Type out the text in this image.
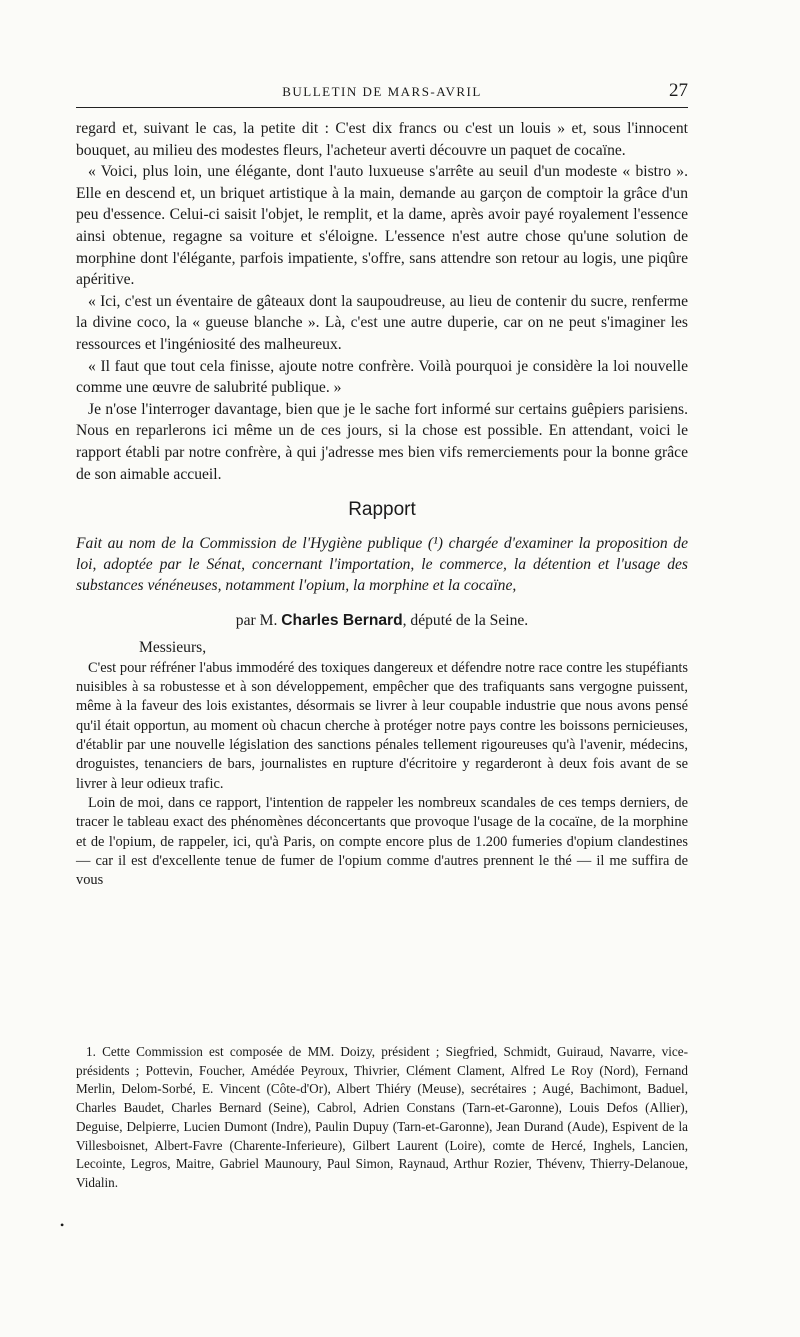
BULLETIN DE MARS-AVRIL	27

regard et, suivant le cas, la petite dit : C'est dix francs ou c'est un louis » et, sous l'innocent bouquet, au milieu des modestes fleurs, l'acheteur averti découvre un paquet de cocaïne.

« Voici, plus loin, une élégante, dont l'auto luxueuse s'arrête au seuil d'un modeste « bistro ». Elle en descend et, un briquet artistique à la main, demande au garçon de comptoir la grâce d'un peu d'essence. Celui-ci saisit l'objet, le remplit, et la dame, après avoir payé royalement l'essence ainsi obtenue, regagne sa voiture et s'éloigne. L'essence n'est autre chose qu'une solution de morphine dont l'élégante, parfois impatiente, s'offre, sans attendre son retour au logis, une piqûre apéritive.

« Ici, c'est un éventaire de gâteaux dont la saupoudreuse, au lieu de contenir du sucre, renferme la divine coco, la « gueuse blanche ». Là, c'est une autre duperie, car on ne peut s'imaginer les ressources et l'ingéniosité des malheureux.

« Il faut que tout cela finisse, ajoute notre confrère. Voilà pourquoi je considère la loi nouvelle comme une œuvre de salubrité publique. »

Je n'ose l'interroger davantage, bien que je le sache fort informé sur certains guêpiers parisiens. Nous en reparlerons ici même un de ces jours, si la chose est possible. En attendant, voici le rapport établi par notre confrère, à qui j'adresse mes bien vifs remerciements pour la bonne grâce de son aimable accueil.

Rapport

Fait au nom de la Commission de l'Hygiène publique (¹) chargée d'examiner la proposition de loi, adoptée par le Sénat, concernant l'importation, le commerce, la détention et l'usage des substances vénéneuses, notamment l'opium, la morphine et la cocaïne,

par M. Charles Bernard, député de la Seine.

Messieurs,

C'est pour réfréner l'abus immodéré des toxiques dangereux et défendre notre race contre les stupéfiants nuisibles à sa robustesse et à son développement, empêcher que des trafiquants sans vergogne puissent, même à la faveur des lois existantes, désormais se livrer à leur coupable industrie que nous avons pensé qu'il était opportun, au moment où chacun cherche à protéger notre pays contre les boissons pernicieuses, d'établir par une nouvelle législation des sanctions pénales tellement rigoureuses qu'à l'avenir, médecins, droguistes, tenanciers de bars, journalistes en rupture d'écritoire y regarderont à deux fois avant de se livrer à leur odieux trafic.

Loin de moi, dans ce rapport, l'intention de rappeler les nombreux scandales de ces temps derniers, de tracer le tableau exact des phénomènes déconcertants que provoque l'usage de la cocaïne, de la morphine et de l'opium, de rappeler, ici, qu'à Paris, on compte encore plus de 1.200 fumeries d'opium clandestines — car il est d'excellente tenue de fumer de l'opium comme d'autres prennent le thé — il me suffira de vous

1. Cette Commission est composée de MM. Doizy, président ; Siegfried, Schmidt, Guiraud, Navarre, vice-présidents ; Pottevin, Foucher, Amédée Peyroux, Thivrier, Clément Clament, Alfred Le Roy (Nord), Fernand Merlin, Delom-Sorbé, E. Vincent (Côte-d'Or), Albert Thiéry (Meuse), secrétaires ; Augé, Bachimont, Baduel, Charles Baudet, Charles Bernard (Seine), Cabrol, Adrien Constans (Tarn-et-Garonne), Louis Defos (Allier), Deguise, Delpierre, Lucien Dumont (Indre), Paulin Dupuy (Tarn-et-Garonne), Jean Durand (Aude), Espivent de la Villesboisnet, Albert-Favre (Charente-Inferieure), Gilbert Laurent (Loire), comte de Hercé, Inghels, Lancien, Lecointe, Legros, Maitre, Gabriel Maunoury, Paul Simon, Raynaud, Arthur Rozier, Thévenv, Thierry-Delanoue, Vidalin.

•
